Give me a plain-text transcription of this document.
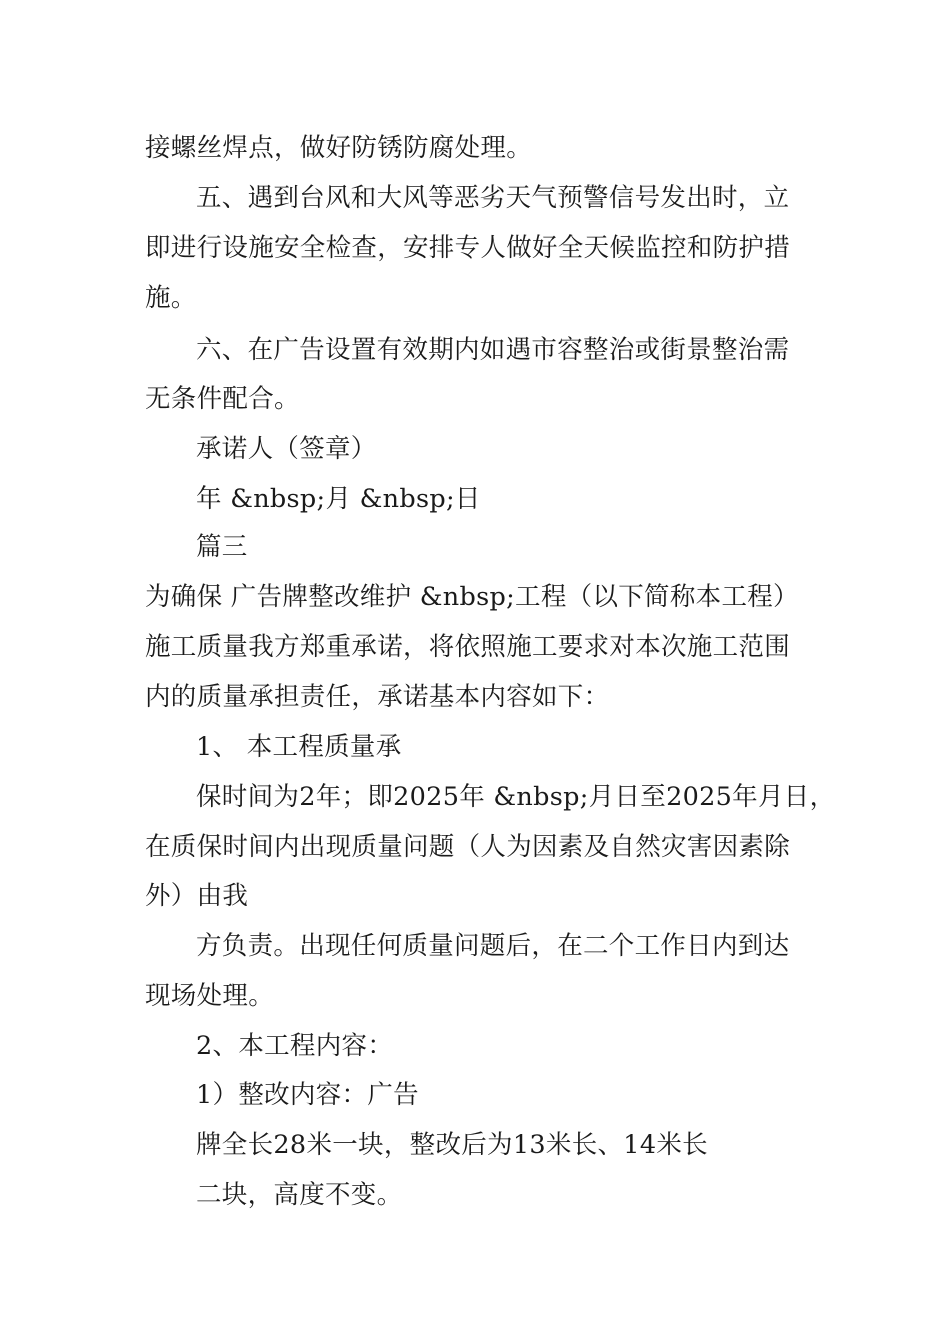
接螺丝焊点，做好防锈防腐处理。
五、遇到台风和大风等恶劣天气预警信号发出时，立
即进行设施安全检查，安排专人做好全天候监控和防护措
施。
六、在广告设置有效期内如遇市容整治或街景整治需
无条件配合。
承诺人（签章）
年 &nbsp;月 &nbsp;日
篇三
为确保 广告牌整改维护 &nbsp;工程（以下简称本工程）
施工质量我方郑重承诺，将依照施工要求对本次施工范围
内的质量承担责任，承诺基本内容如下：
1、 本工程质量承
保时间为2年；即2025年 &nbsp;月日至2025年月日，
在质保时间内出现质量问题（人为因素及自然灾害因素除
外）由我
方负责。出现任何质量问题后，在二个工作日内到达
现场处理。
2、本工程内容：
1）整改内容：广告
牌全长28米一块，整改后为13米长、14米长
二块，高度不变。
